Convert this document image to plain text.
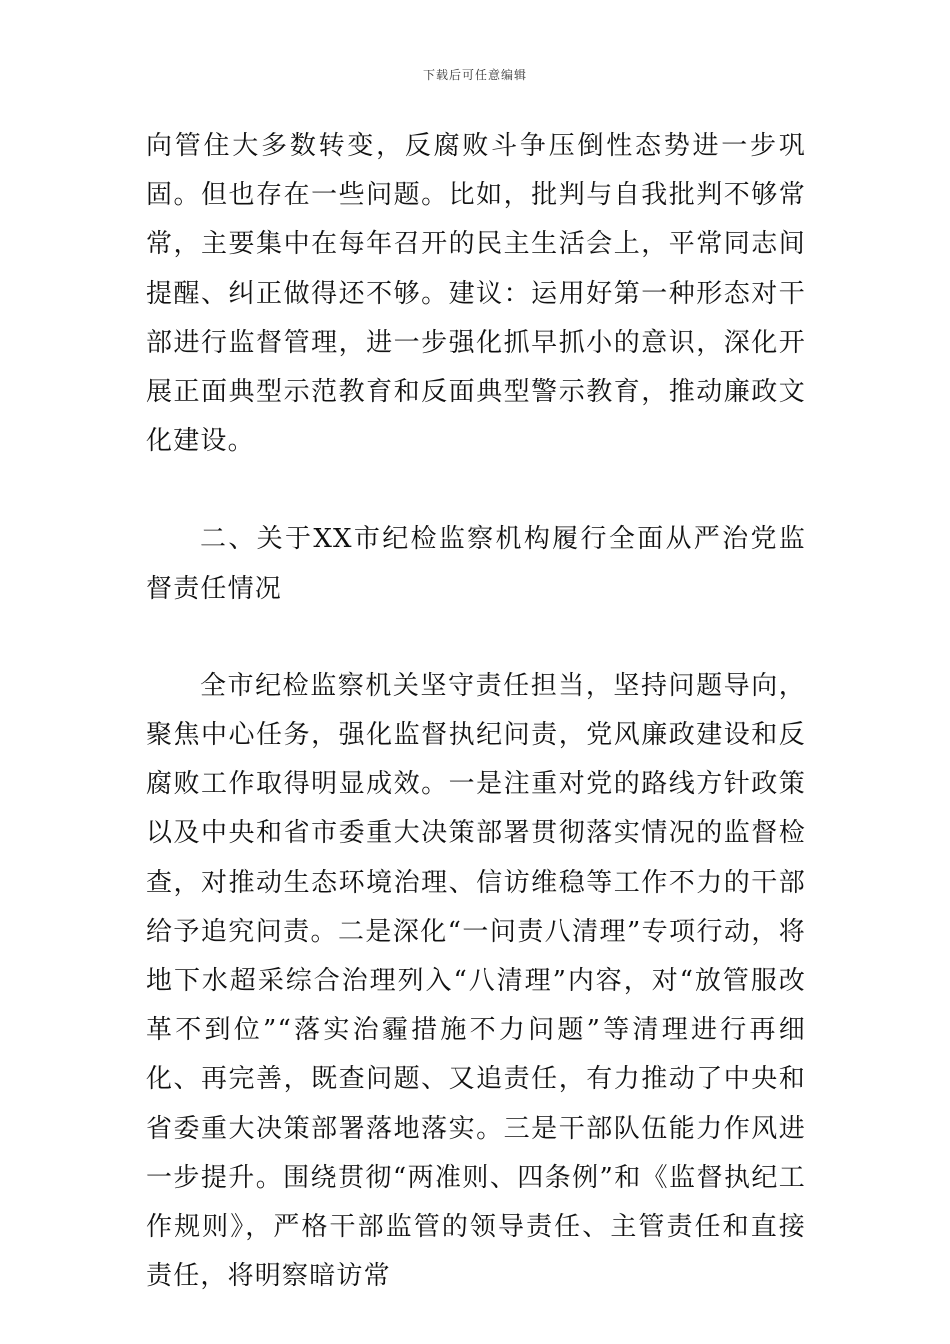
下载后可任意编辑

向管住大多数转变，反腐败斗争压倒性态势进一步巩固。但也存在一些问题。比如，批判与自我批判不够常常，主要集中在每年召开的民主生活会上，平常同志间提醒、纠正做得还不够。建议：运用好第一种形态对干部进行监督管理，进一步强化抓早抓小的意识，深化开展正面典型示范教育和反面典型警示教育，推动廉政文化建设。

二、关于XX市纪检监察机构履行全面从严治党监督责任情况

全市纪检监察机关坚守责任担当，坚持问题导向，聚焦中心任务，强化监督执纪问责，党风廉政建设和反腐败工作取得明显成效。一是注重对党的路线方针政策以及中央和省市委重大决策部署贯彻落实情况的监督检查，对推动生态环境治理、信访维稳等工作不力的干部给予追究问责。二是深化“一问责八清理”专项行动，将地下水超采综合治理列入“八清理”内容，对“放管服改革不到位”“落实治霾措施不力问题”等清理进行再细化、再完善，既查问题、又追责任，有力推动了中央和省委重大决策部署落地落实。三是干部队伍能力作风进一步提升。围绕贯彻“两准则、四条例”和《监督执纪工作规则》，严格干部监管的领导责任、主管责任和直接责任，将明察暗访常
